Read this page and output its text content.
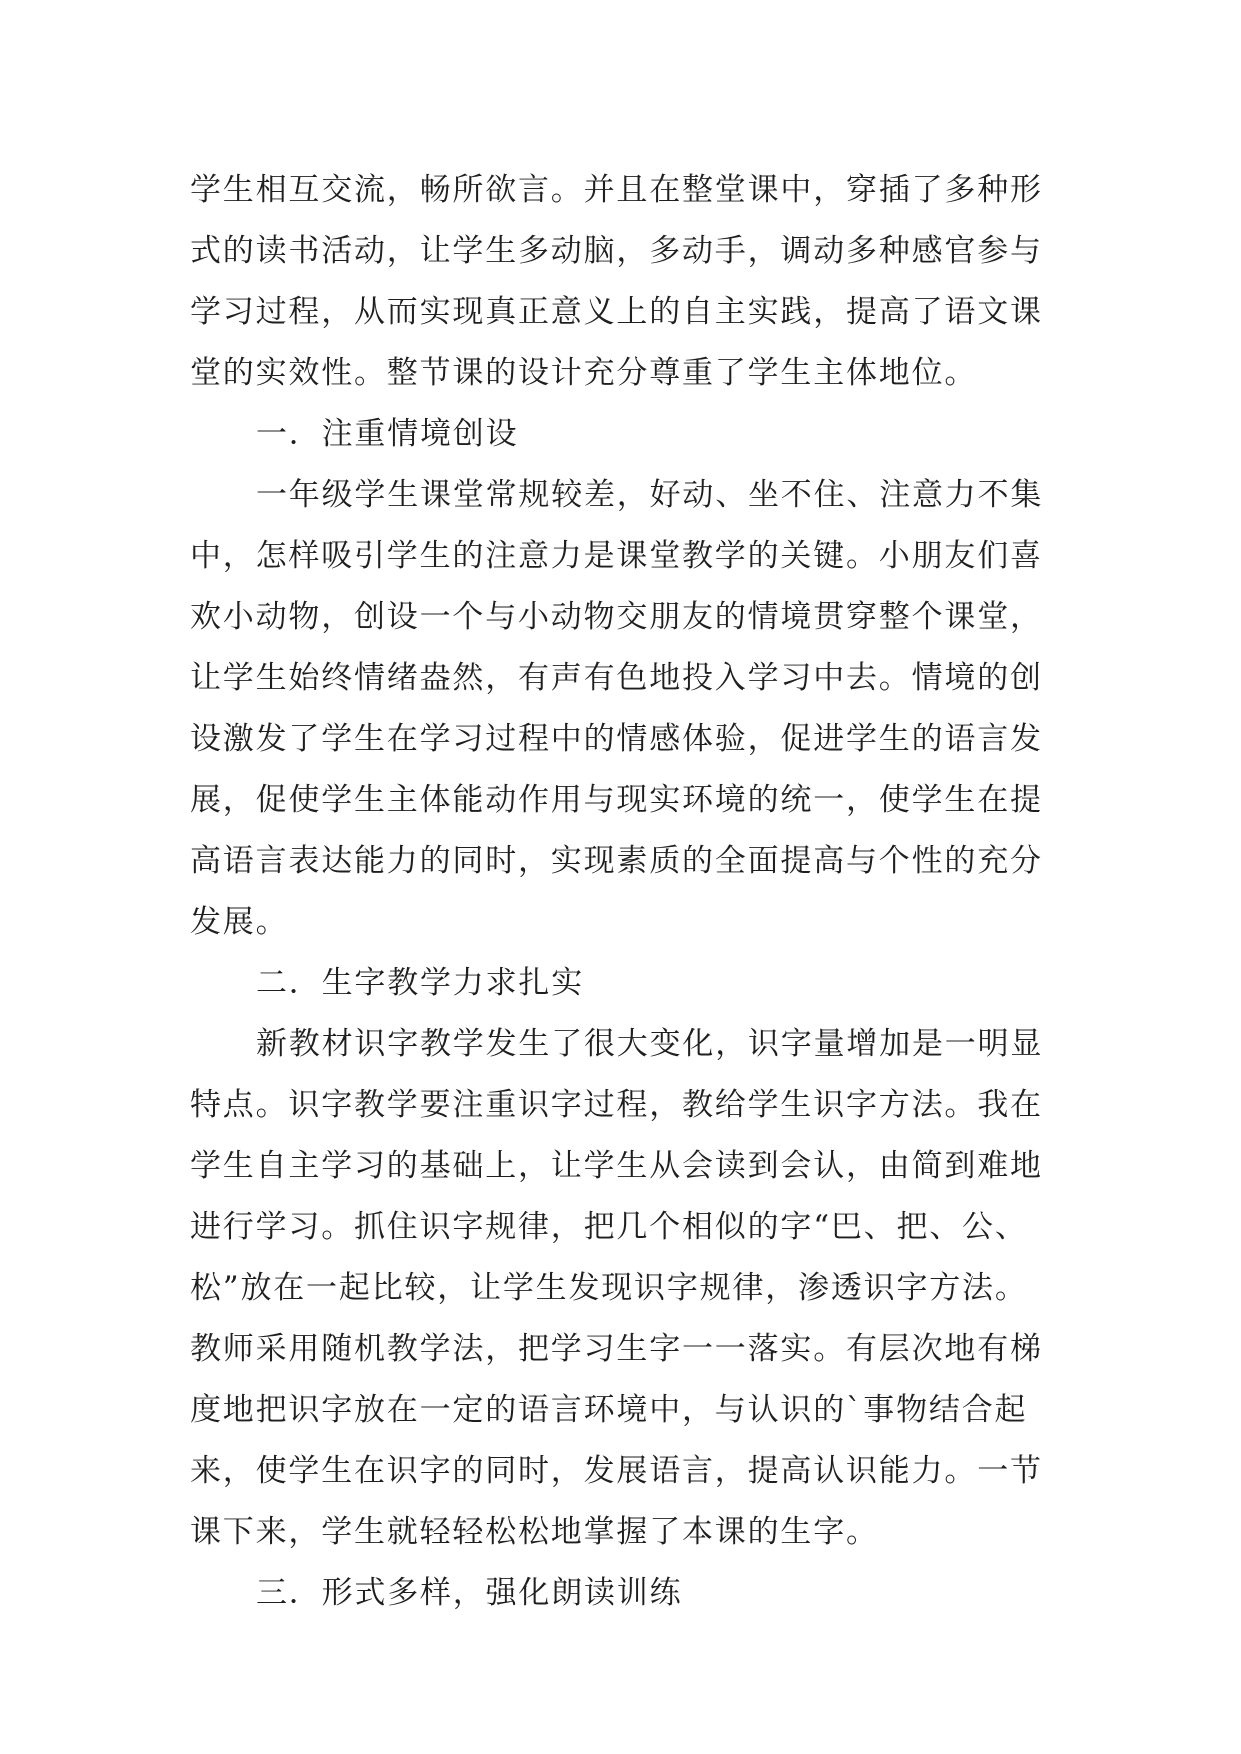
学生相互交流，畅所欲言。并且在整堂课中，穿插了多种形
式的读书活动，让学生多动脑，多动手，调动多种感官参与
学习过程，从而实现真正意义上的自主实践，提高了语文课
堂的实效性。整节课的设计充分尊重了学生主体地位。
一．注重情境创设
一年级学生课堂常规较差，好动、坐不住、注意力不集
中，怎样吸引学生的注意力是课堂教学的关键。小朋友们喜
欢小动物，创设一个与小动物交朋友的情境贯穿整个课堂，
让学生始终情绪盎然，有声有色地投入学习中去。情境的创
设激发了学生在学习过程中的情感体验，促进学生的语言发
展，促使学生主体能动作用与现实环境的统一，使学生在提
高语言表达能力的同时，实现素质的全面提高与个性的充分
发展。
二．生字教学力求扎实
新教材识字教学发生了很大变化，识字量增加是一明显
特点。识字教学要注重识字过程，教给学生识字方法。我在
学生自主学习的基础上，让学生从会读到会认，由简到难地
进行学习。抓住识字规律，把几个相似的字“巴、把、公、
松”放在一起比较，让学生发现识字规律，渗透识字方法。
教师采用随机教学法，把学习生字一一落实。有层次地有梯
度地把识字放在一定的语言环境中，与认识的`事物结合起
来，使学生在识字的同时，发展语言，提高认识能力。一节
课下来，学生就轻轻松松地掌握了本课的生字。
三．形式多样，强化朗读训练
